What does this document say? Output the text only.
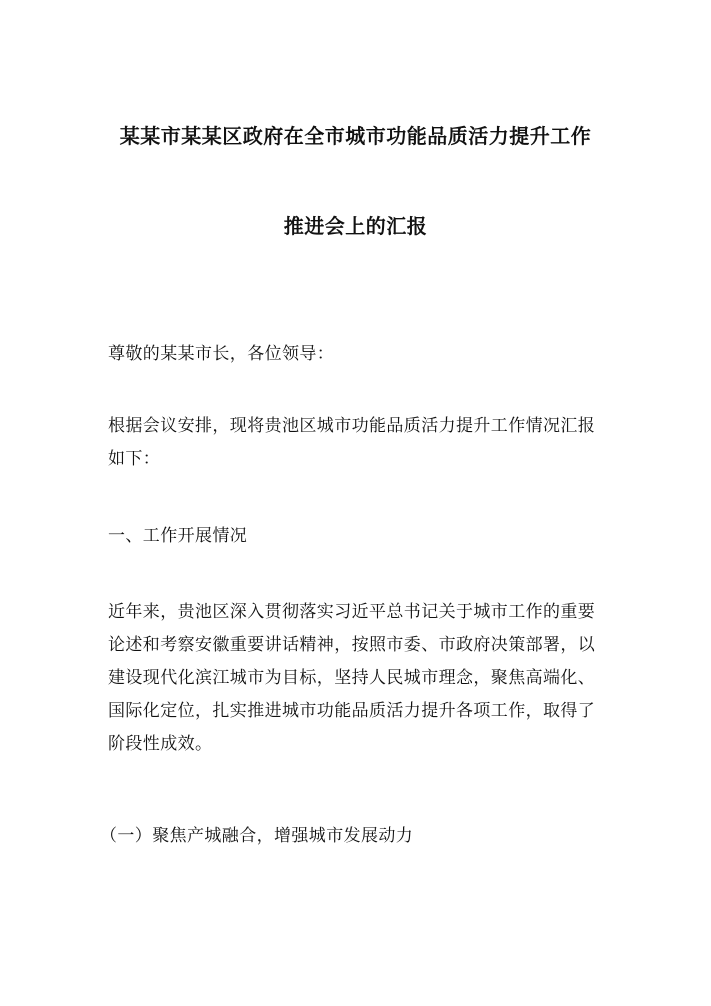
某某市某某区政府在全市城市功能品质活力提升工作
推进会上的汇报
尊敬的某某市长，各位领导：
根据会议安排，现将贵池区城市功能品质活力提升工作情况汇报如下：
一、工作开展情况
近年来，贵池区深入贯彻落实习近平总书记关于城市工作的重要论述和考察安徽重要讲话精神，按照市委、市政府决策部署，以建设现代化滨江城市为目标，坚持人民城市理念，聚焦高端化、国际化定位，扎实推进城市功能品质活力提升各项工作，取得了阶段性成效。
（一）聚焦产城融合，增强城市发展动力
